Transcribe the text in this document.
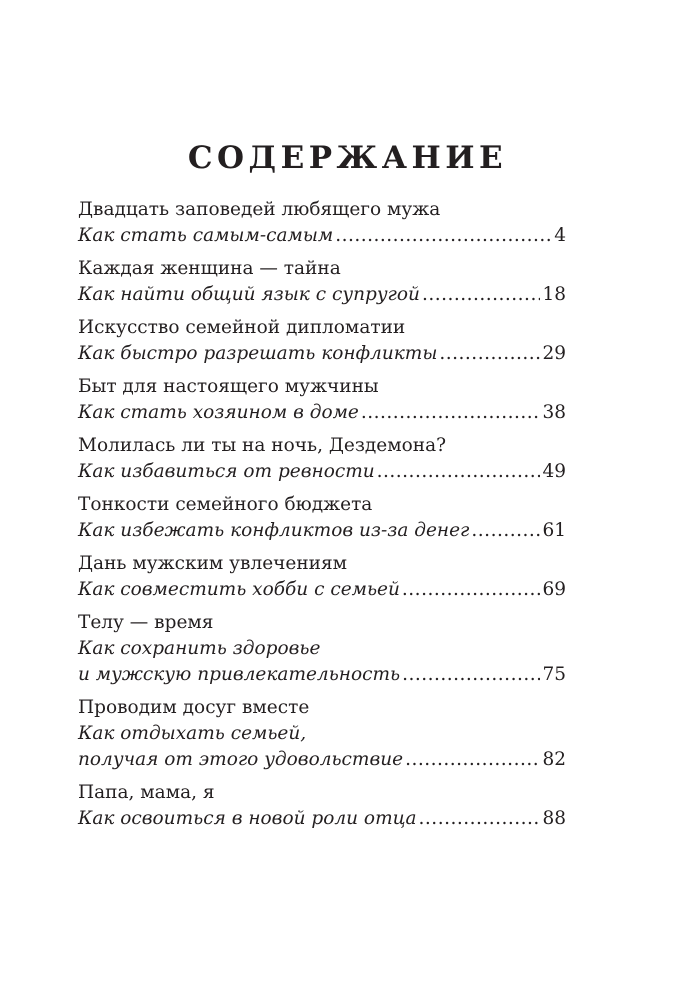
СОДЕРЖАНИЕ
Двадцать заповедей любящего мужа
Как стать самым-самым .....	4
Каждая женщина — тайна
Как найти общий язык с супругой .....	18
Искусство семейной дипломатии
Как быстро разрешать конфликты .....	29
Быт для настоящего мужчины
Как стать хозяином в доме .....	38
Молилась ли ты на ночь, Дездемона?
Как избавиться от ревности .....	49
Тонкости семейного бюджета
Как избежать конфликтов из-за денег .....	61
Дань мужским увлечениям
Как совместить хобби с семьей .....	69
Телу — время
Как сохранить здоровье
и мужскую привлекательность .....	75
Проводим досуг вместе
Как отдыхать семьей,
получая от этого удовольствие .....	82
Папа, мама, я
Как освоиться в новой роли отца .....	88
